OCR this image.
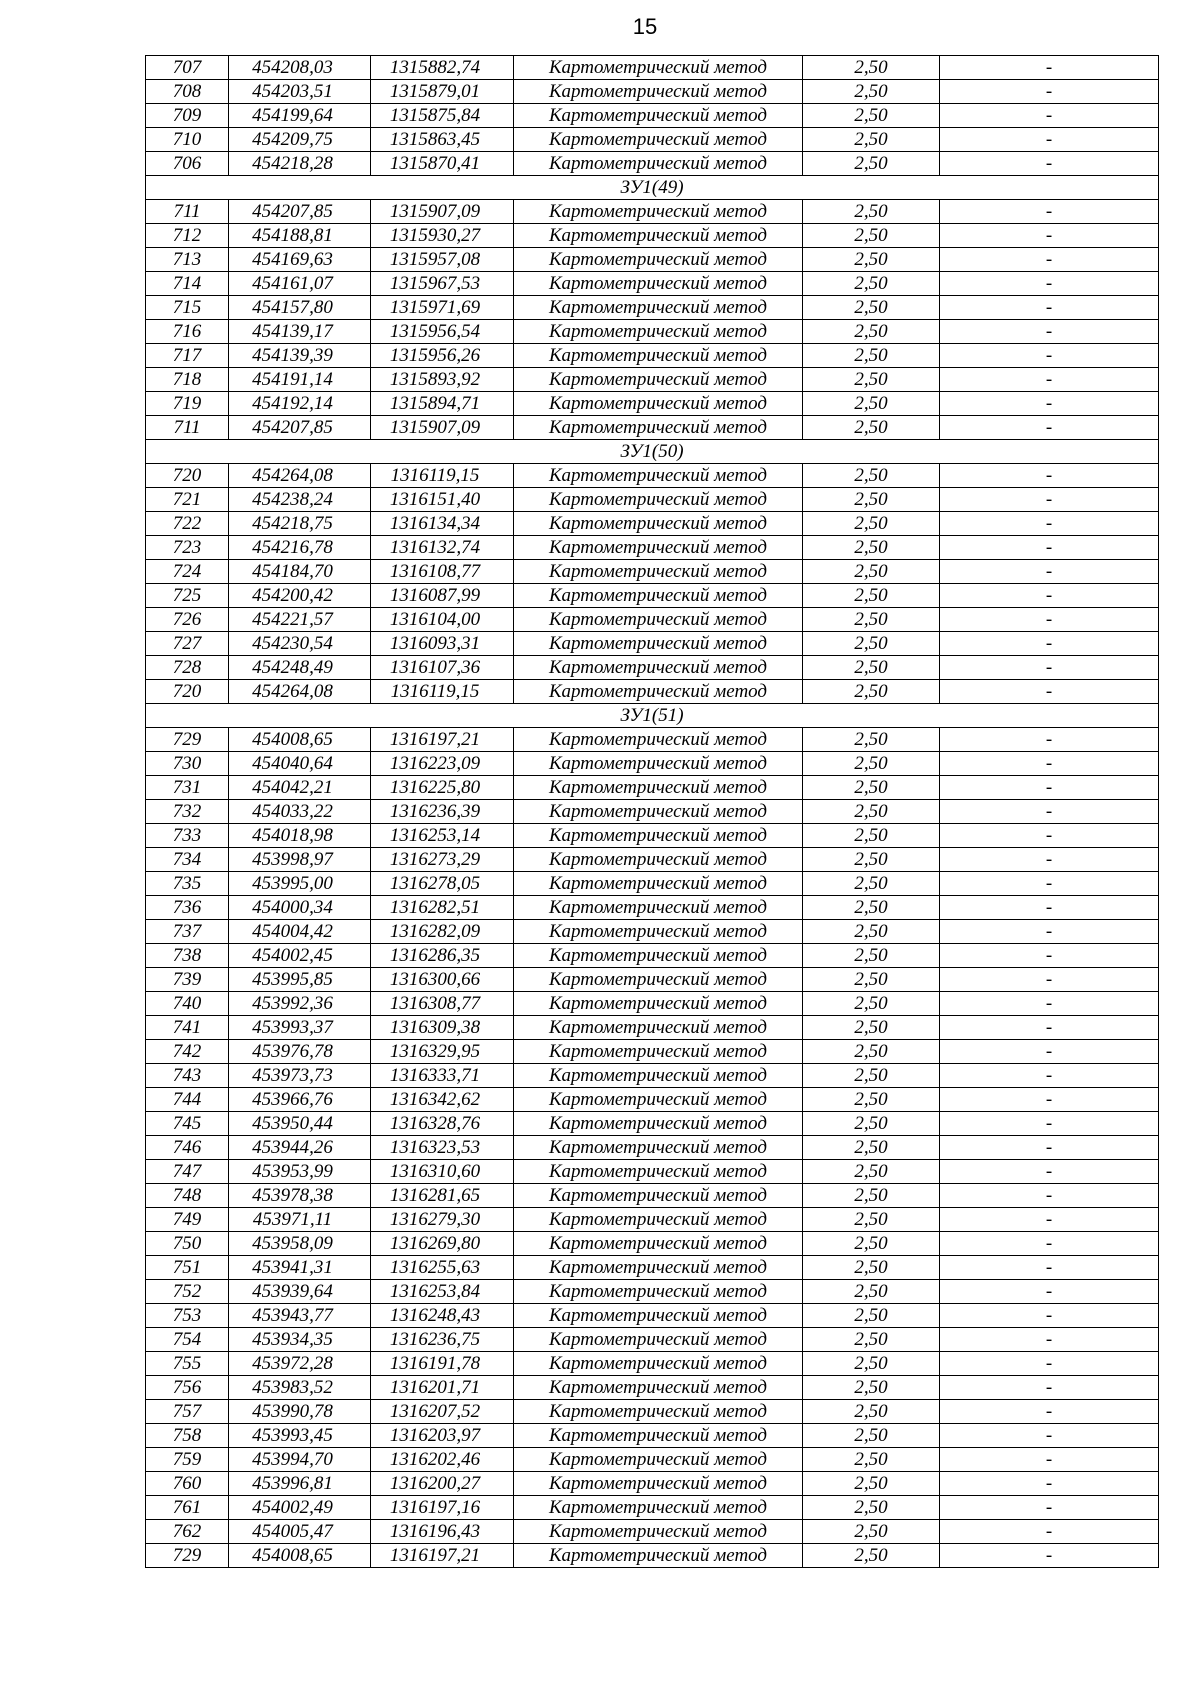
15
707	454208,03	1315882,74	Картометрический метод	2,50	-
708	454203,51	1315879,01	Картометрический метод	2,50	-
709	454199,64	1315875,84	Картометрический метод	2,50	-
710	454209,75	1315863,45	Картометрический метод	2,50	-
706	454218,28	1315870,41	Картометрический метод	2,50	-
ЗУ1(49)					
711	454207,85	1315907,09	Картометрический метод	2,50	-
712	454188,81	1315930,27	Картометрический метод	2,50	-
713	454169,63	1315957,08	Картометрический метод	2,50	-
714	454161,07	1315967,53	Картометрический метод	2,50	-
715	454157,80	1315971,69	Картометрический метод	2,50	-
716	454139,17	1315956,54	Картометрический метод	2,50	-
717	454139,39	1315956,26	Картометрический метод	2,50	-
718	454191,14	1315893,92	Картометрический метод	2,50	-
719	454192,14	1315894,71	Картометрический метод	2,50	-
711	454207,85	1315907,09	Картометрический метод	2,50	-
ЗУ1(50)					
720	454264,08	1316119,15	Картометрический метод	2,50	-
721	454238,24	1316151,40	Картометрический метод	2,50	-
722	454218,75	1316134,34	Картометрический метод	2,50	-
723	454216,78	1316132,74	Картометрический метод	2,50	-
724	454184,70	1316108,77	Картометрический метод	2,50	-
725	454200,42	1316087,99	Картометрический метод	2,50	-
726	454221,57	1316104,00	Картометрический метод	2,50	-
727	454230,54	1316093,31	Картометрический метод	2,50	-
728	454248,49	1316107,36	Картометрический метод	2,50	-
720	454264,08	1316119,15	Картометрический метод	2,50	-
ЗУ1(51)					
729	454008,65	1316197,21	Картометрический метод	2,50	-
730	454040,64	1316223,09	Картометрический метод	2,50	-
731	454042,21	1316225,80	Картометрический метод	2,50	-
732	454033,22	1316236,39	Картометрический метод	2,50	-
733	454018,98	1316253,14	Картометрический метод	2,50	-
734	453998,97	1316273,29	Картометрический метод	2,50	-
735	453995,00	1316278,05	Картометрический метод	2,50	-
736	454000,34	1316282,51	Картометрический метод	2,50	-
737	454004,42	1316282,09	Картометрический метод	2,50	-
738	454002,45	1316286,35	Картометрический метод	2,50	-
739	453995,85	1316300,66	Картометрический метод	2,50	-
740	453992,36	1316308,77	Картометрический метод	2,50	-
741	453993,37	1316309,38	Картометрический метод	2,50	-
742	453976,78	1316329,95	Картометрический метод	2,50	-
743	453973,73	1316333,71	Картометрический метод	2,50	-
744	453966,76	1316342,62	Картометрический метод	2,50	-
745	453950,44	1316328,76	Картометрический метод	2,50	-
746	453944,26	1316323,53	Картометрический метод	2,50	-
747	453953,99	1316310,60	Картометрический метод	2,50	-
748	453978,38	1316281,65	Картометрический метод	2,50	-
749	453971,11	1316279,30	Картометрический метод	2,50	-
750	453958,09	1316269,80	Картометрический метод	2,50	-
751	453941,31	1316255,63	Картометрический метод	2,50	-
752	453939,64	1316253,84	Картометрический метод	2,50	-
753	453943,77	1316248,43	Картометрический метод	2,50	-
754	453934,35	1316236,75	Картометрический метод	2,50	-
755	453972,28	1316191,78	Картометрический метод	2,50	-
756	453983,52	1316201,71	Картометрический метод	2,50	-
757	453990,78	1316207,52	Картометрический метод	2,50	-
758	453993,45	1316203,97	Картометрический метод	2,50	-
759	453994,70	1316202,46	Картометрический метод	2,50	-
760	453996,81	1316200,27	Картометрический метод	2,50	-
761	454002,49	1316197,16	Картометрический метод	2,50	-
762	454005,47	1316196,43	Картометрический метод	2,50	-
729	454008,65	1316197,21	Картометрический метод	2,50	-
